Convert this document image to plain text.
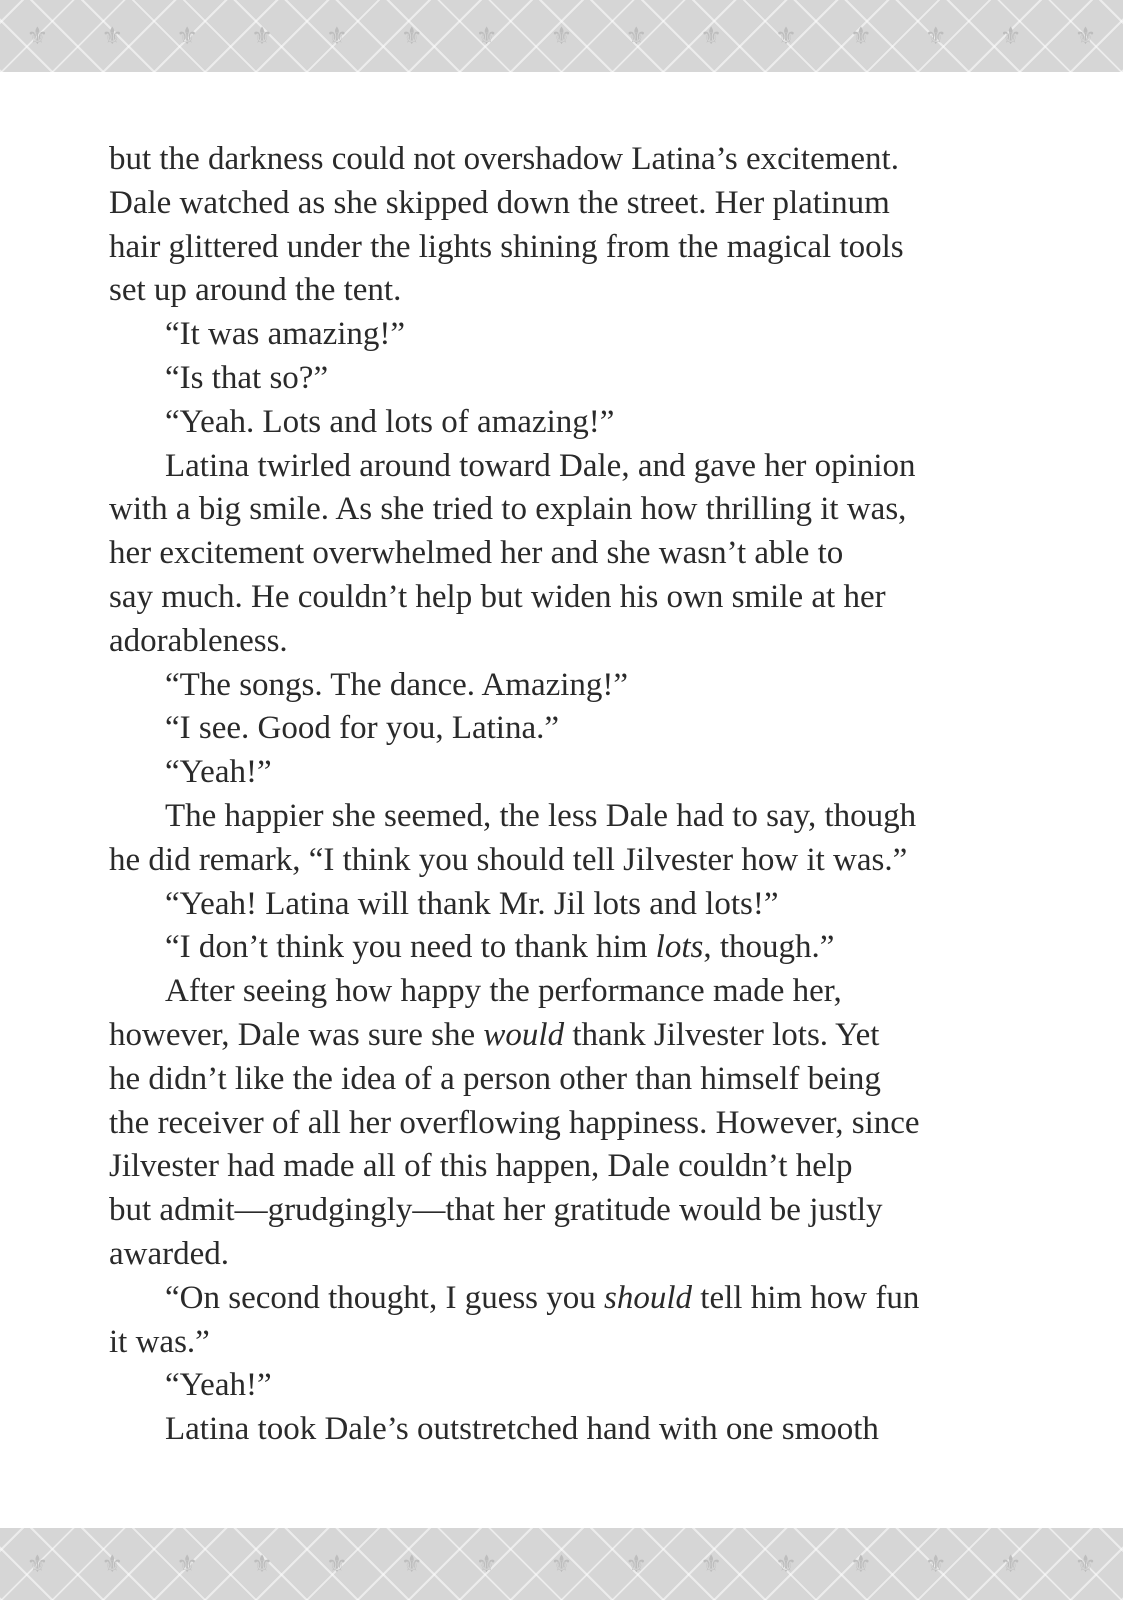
⚜ ⚜ ⚜ ⚜ ⚜ ⚜ ⚜ ⚜ ⚜ ⚜ ⚜ ⚜ ⚜ ⚜ ⚜

but the darkness could not overshadow Latina’s excitement.

Dale watched as she skipped down the street. Her platinum

hair glittered under the lights shining from the magical tools

set up around the tent.

“It was amazing!”

“Is that so?”

“Yeah. Lots and lots of amazing!”

Latina twirled around toward Dale, and gave her opinion

with a big smile. As she tried to explain how thrilling it was,

her excitement overwhelmed her and she wasn’t able to

say much. He couldn’t help but widen his own smile at her

adorableness.

“The songs. The dance. Amazing!”

“I see. Good for you, Latina.”

“Yeah!”

The happier she seemed, the less Dale had to say, though

he did remark, “I think you should tell Jilvester how it was.”

“Yeah! Latina will thank Mr. Jil lots and lots!”

“I don’t think you need to thank him lots, though.”

After seeing how happy the performance made her,

however, Dale was sure she would thank Jilvester lots. Yet

he didn’t like the idea of a person other than himself being

the receiver of all her overflowing happiness. However, since

Jilvester had made all of this happen, Dale couldn’t help

but admit—grudgingly—that her gratitude would be justly

awarded.

“On second thought, I guess you should tell him how fun

it was.”

“Yeah!”

Latina took Dale’s outstretched hand with one smooth

⚜ ⚜ ⚜ ⚜ ⚜ ⚜ ⚜ ⚜ ⚜ ⚜ ⚜ ⚜ ⚜ ⚜ ⚜
